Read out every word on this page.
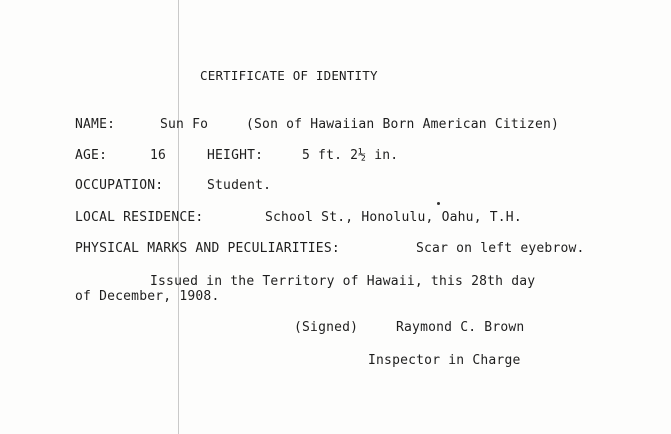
CERTIFICATE OF IDENTITY
NAME:	Sun Fo	(Son of Hawaiian Born American Citizen)
AGE:	16	HEIGHT:	5 ft. 2½ in.
OCCUPATION:	Student.
LOCAL RESIDENCE:	School St., Honolulu, Oahu, T.H.
PHYSICAL MARKS AND PECULIARITIES:	Scar on left eyebrow.
Issued in the Territory of Hawaii, this 28th day
of December, 1908.
(Signed)	Raymond C. Brown
Inspector in Charge
